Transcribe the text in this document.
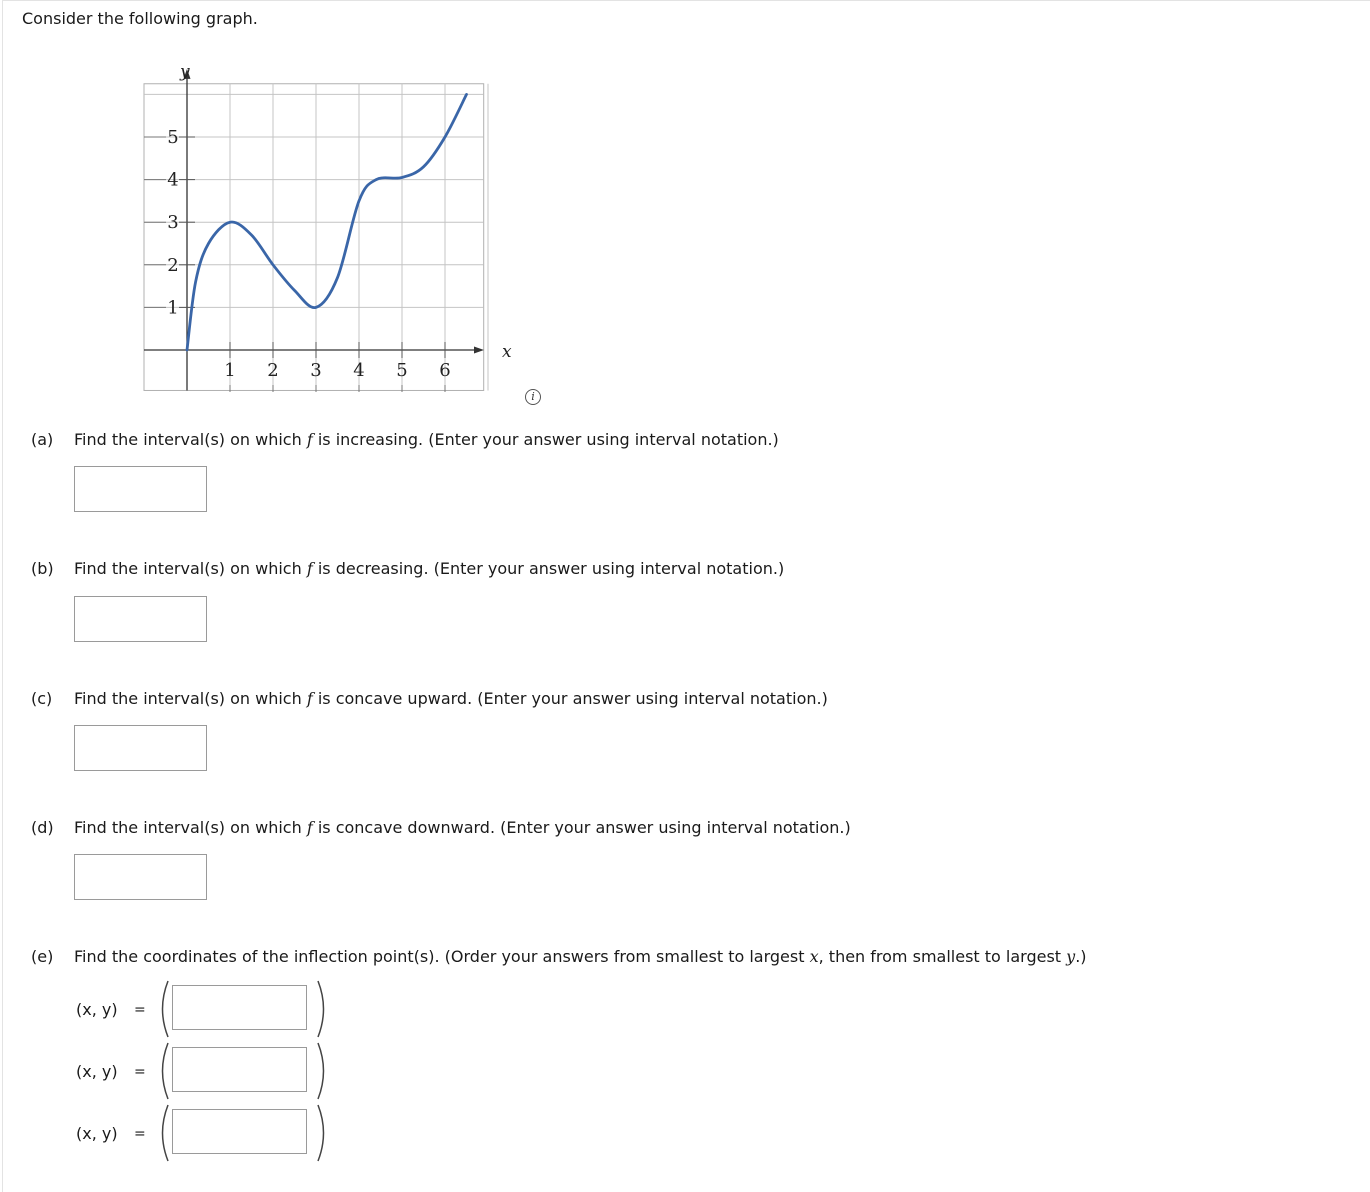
Consider the following graph.
1 2 3 4 5 6
1
2
3
4
5
x
y
i
(a) Find the interval(s) on which f is increasing. (Enter your answer using interval notation.)
(b) Find the interval(s) on which f is decreasing. (Enter your answer using interval notation.)
(c) Find the interval(s) on which f is concave upward. (Enter your answer using interval notation.)
(d) Find the interval(s) on which f is concave downward. (Enter your answer using interval notation.)
(e) Find the coordinates of the inflection point(s). (Order your answers from smallest to largest x, then from smallest to largest y.)
(x, y) =
(x, y) =
(x, y) =
